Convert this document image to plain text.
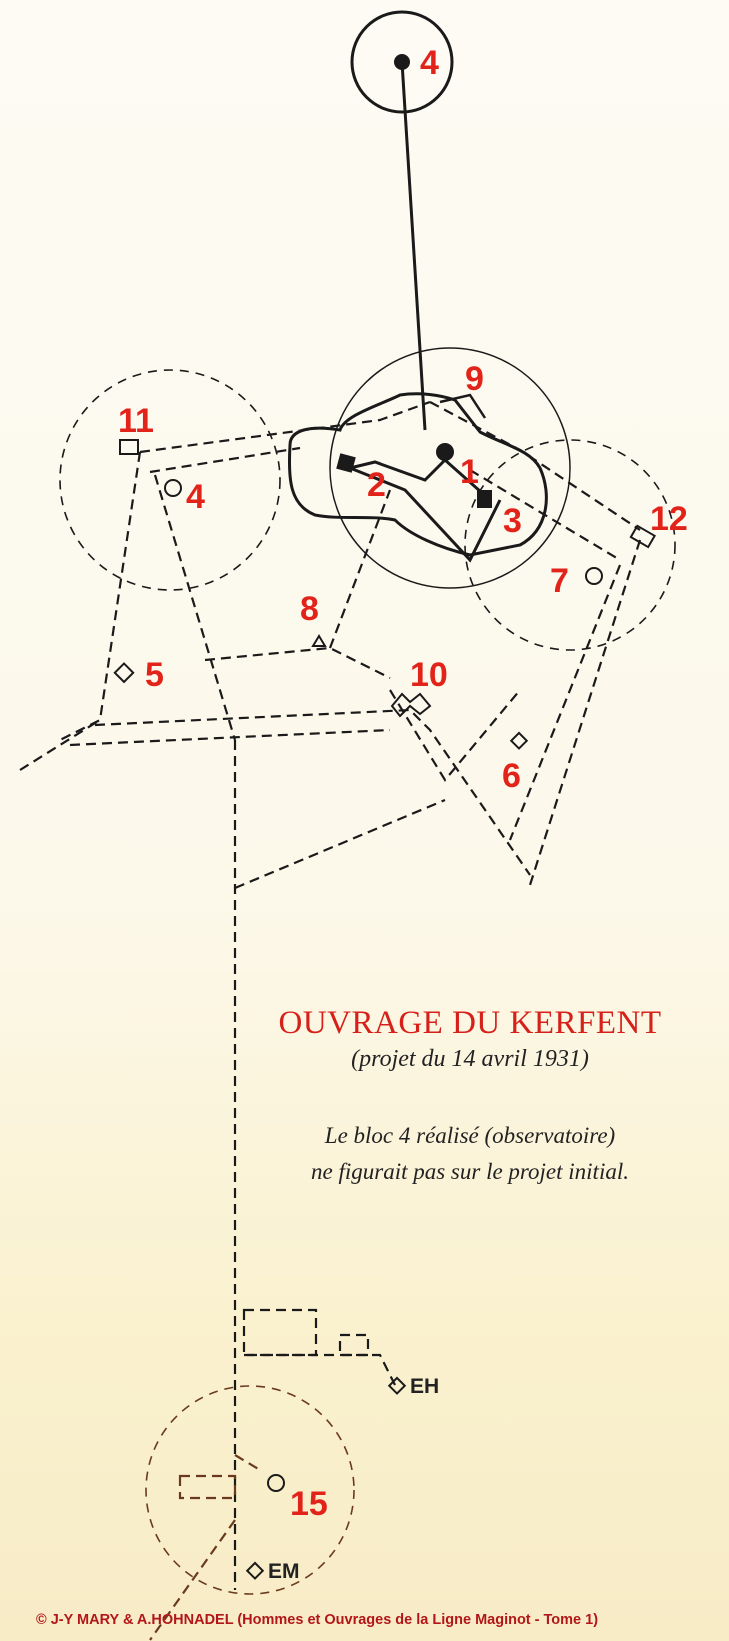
4
9
1
2
3
11
4
12
7
8
5	10
6
EH
15
EM
OUVRAGE DU KERFENT
(projet du 14 avril 1931)
Le bloc 4 réalisé (observatoire)
ne figurait pas sur le projet initial.
© J-Y MARY & A.HOHNADEL (Hommes et Ouvrages de la Ligne Maginot - Tome 1)
